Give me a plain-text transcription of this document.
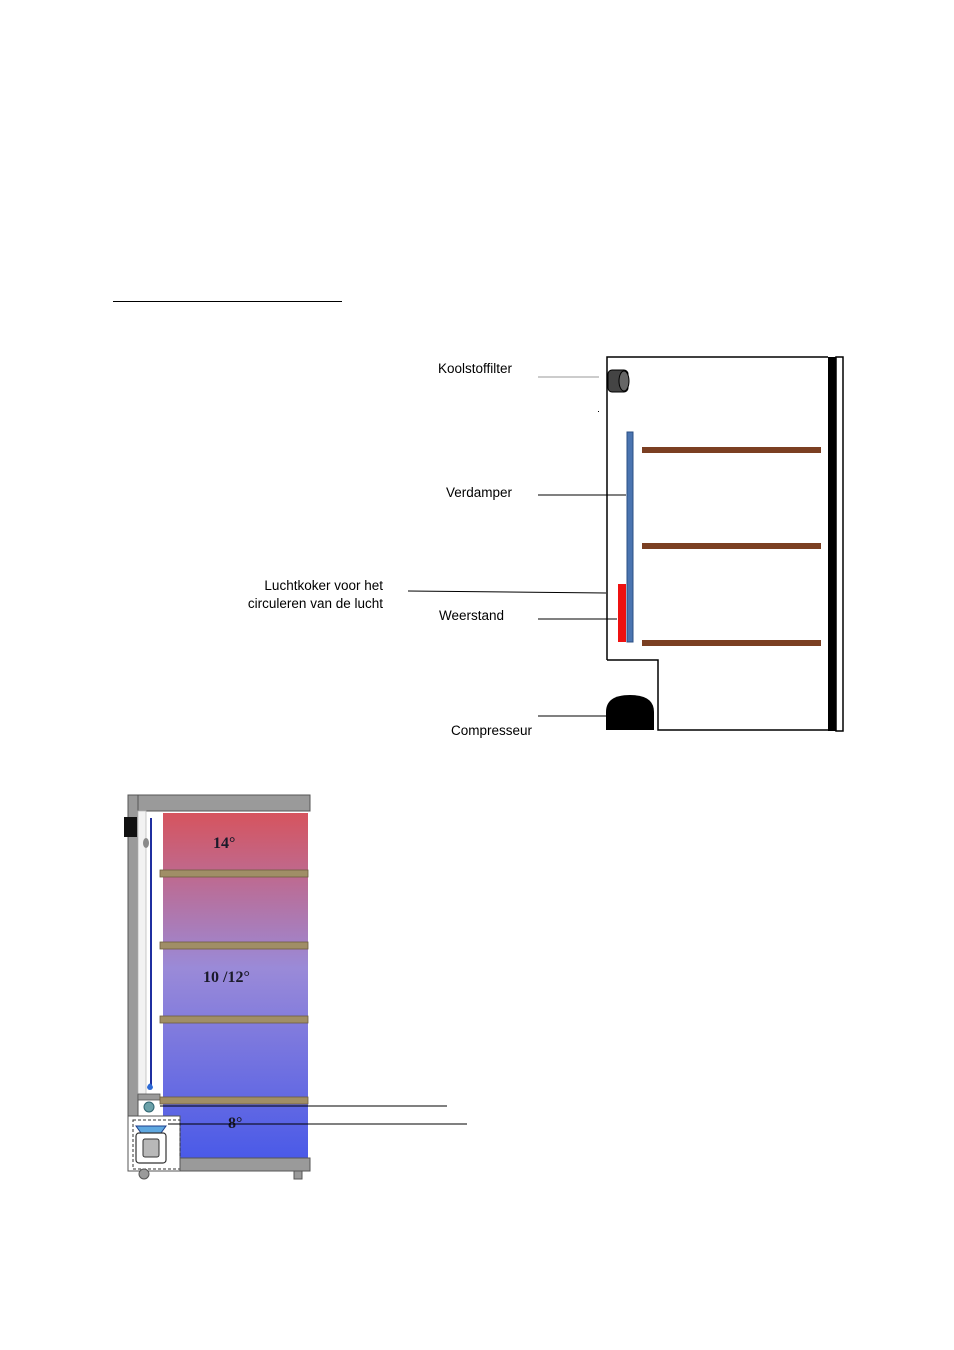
Koolstoffilter
Verdamper
Luchtkoker voor het
circuleren van de lucht
Weerstand
Compresseur
14°
10 /12°
8°
